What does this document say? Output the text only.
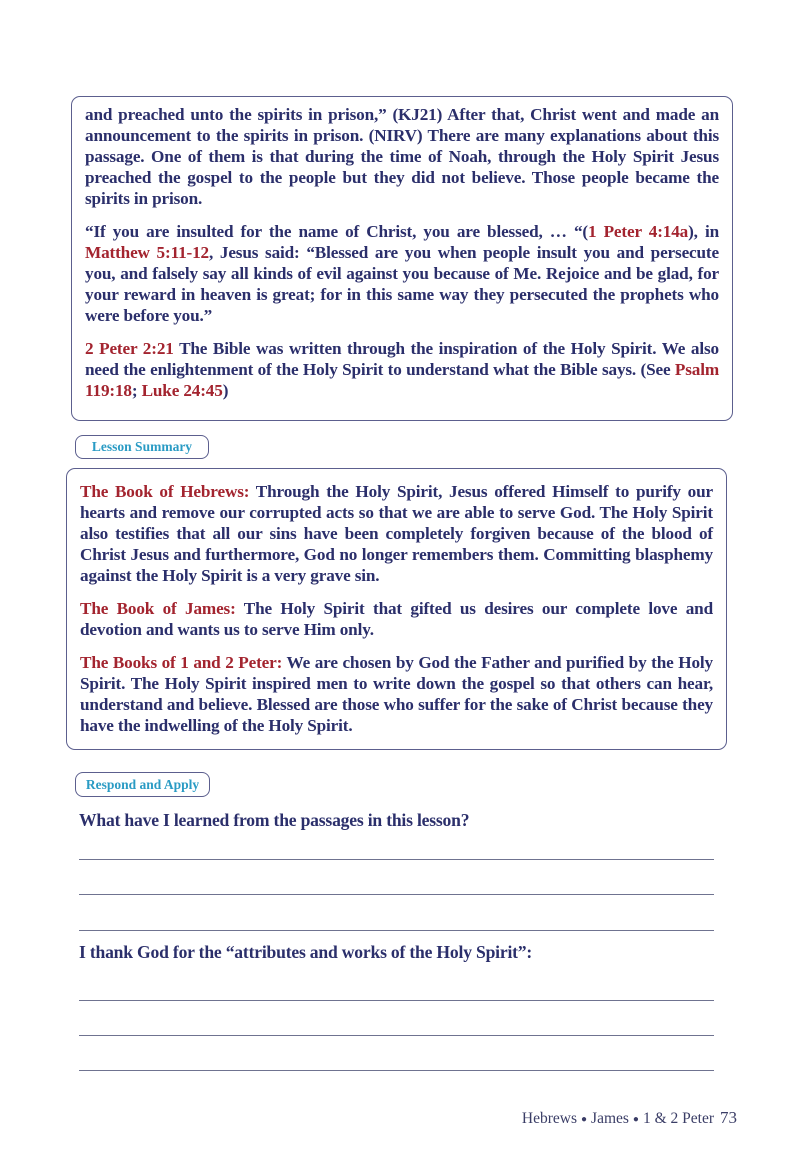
and preached unto the spirits in prison,” (KJ21) After that, Christ went and made an announcement to the spirits in prison. (NIRV) There are many explanations about this passage. One of them is that during the time of Noah, through the Holy Spirit Jesus preached the gospel to the people but they did not believe. Those people became the spirits in prison.

“If you are insulted for the name of Christ, you are blessed, … “(1 Peter 4:14a), in Matthew 5:11-12, Jesus said: “Blessed are you when people insult you and persecute you, and falsely say all kinds of evil against you because of Me. Rejoice and be glad, for your reward in heaven is great; for in this same way they persecuted the prophets who were before you.”

2 Peter 2:21 The Bible was written through the inspiration of the Holy Spirit. We also need the enlightenment of the Holy Spirit to understand what the Bible says. (See Psalm 119:18; Luke 24:45)

Lesson Summary

The Book of Hebrews: Through the Holy Spirit, Jesus offered Himself to purify our hearts and remove our corrupted acts so that we are able to serve God. The Holy Spirit also testifies that all our sins have been completely forgiven because of the blood of Christ Jesus and furthermore, God no longer remembers them. Committing blasphemy against the Holy Spirit is a very grave sin.

The Book of James: The Holy Spirit that gifted us desires our complete love and devotion and wants us to serve Him only.

The Books of 1 and 2 Peter: We are chosen by God the Father and purified by the Holy Spirit. The Holy Spirit inspired men to write down the gospel so that others can hear, understand and believe. Blessed are those who suffer for the sake of Christ because they have the indwelling of the Holy Spirit.

Respond and Apply

What have I learned from the passages in this lesson?

I thank God for the “attributes and works of the Holy Spirit”:

Hebrews ● James ● 1 & 2 Peter 73
